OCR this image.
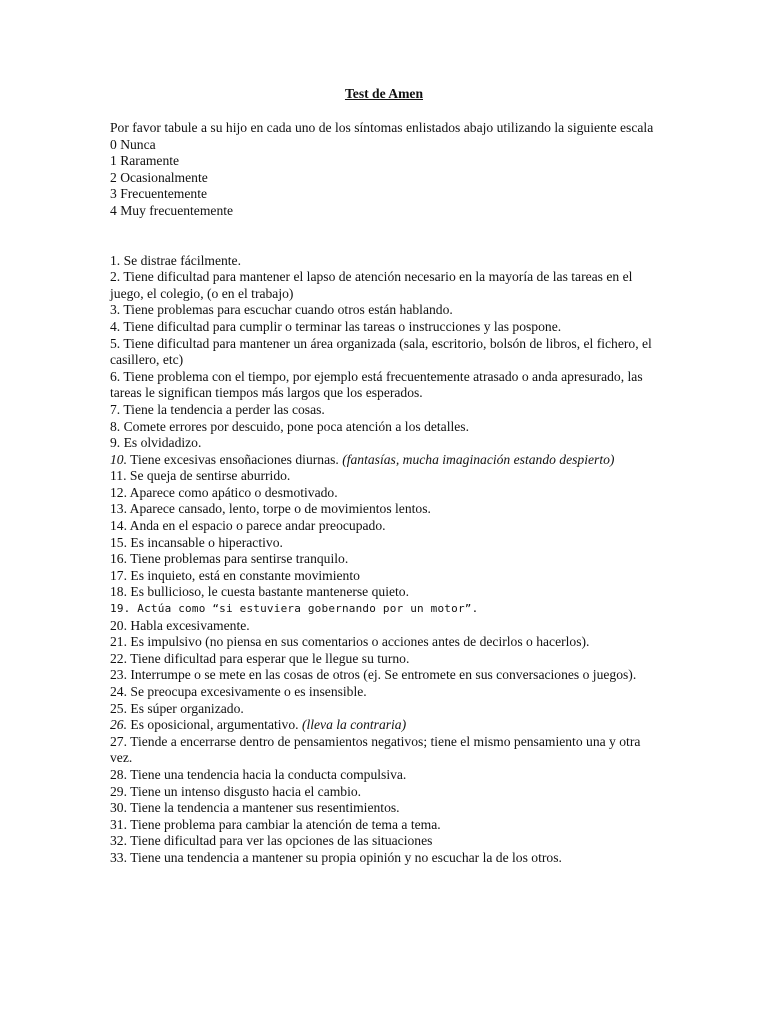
Test de Amen
Por favor tabule a su hijo en cada uno de los síntomas enlistados abajo utilizando la siguiente escala
0 Nunca
1 Raramente
2 Ocasionalmente
3 Frecuentemente
4 Muy frecuentemente
1. Se distrae fácilmente.
2. Tiene dificultad para mantener el lapso de atención necesario en la mayoría de las tareas en el juego, el colegio, (o en el trabajo)
3. Tiene problemas para escuchar cuando otros están hablando.
4. Tiene dificultad para cumplir o terminar las tareas o instrucciones y las pospone.
5. Tiene dificultad para mantener un área organizada (sala, escritorio, bolsón de libros, el fichero, el casillero, etc)
6. Tiene problema con el tiempo, por ejemplo está frecuentemente atrasado o anda apresurado, las tareas le significan tiempos más largos que los esperados.
7. Tiene la tendencia a perder las cosas.
8. Comete errores por descuido, pone poca atención a los detalles.
9. Es olvidadizo.
10. Tiene excesivas ensoñaciones diurnas. (fantasías, mucha imaginación estando despierto)
11. Se queja de sentirse aburrido.
12. Aparece como apático o desmotivado.
13. Aparece cansado, lento, torpe o de movimientos lentos.
14. Anda en el espacio o parece andar preocupado.
15. Es incansable o hiperactivo.
16. Tiene problemas para sentirse tranquilo.
17. Es inquieto, está en constante movimiento
18. Es bullicioso, le cuesta bastante mantenerse quieto.
19. Actúa como “si estuviera gobernando por un motor”.
20. Habla excesivamente.
21. Es impulsivo (no piensa en sus comentarios o acciones antes de decirlos o hacerlos).
22. Tiene dificultad para esperar que le llegue su turno.
23. Interrumpe o se mete en las cosas de otros (ej. Se entromete en sus conversaciones o juegos).
24. Se preocupa excesivamente o es insensible.
25. Es súper organizado.
26. Es oposicional, argumentativo. (lleva la contraria)
27. Tiende a encerrarse dentro de pensamientos negativos; tiene el mismo pensamiento una y otra vez.
28. Tiene una tendencia hacia la conducta compulsiva.
29. Tiene un intenso disgusto hacia el cambio.
30. Tiene la tendencia a mantener sus resentimientos.
31. Tiene problema para cambiar la atención de tema a tema.
32. Tiene dificultad para ver las opciones de las situaciones
33. Tiene una tendencia a mantener su propia opinión y no escuchar la de los otros.
